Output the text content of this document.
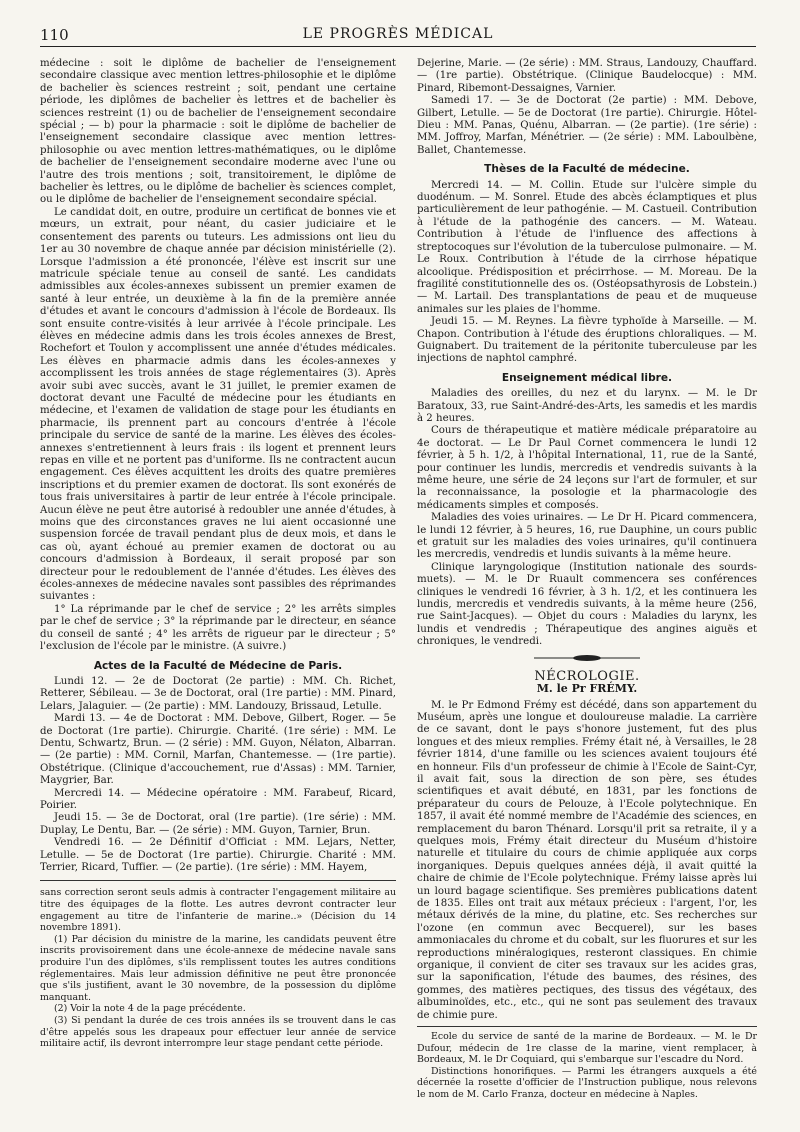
110	LE PROGRÈS MÉDICAL

médecine : soit le diplôme de bachelier de l'enseignement secondaire classique avec mention lettres-philosophie et le diplôme de bachelier ès sciences restreint ; soit, pendant une certaine période, les diplômes de bachelier ès lettres et de bachelier ès sciences restreint (1) ou de bachelier de l'enseignement secondaire spécial ; — b) pour la pharmacie : soit le diplôme de bachelier de l'enseignement secondaire classique avec mention lettres-philosophie ou avec mention lettres-mathématiques, ou le diplôme de bachelier de l'enseignement secondaire moderne avec l'une ou l'autre des trois mentions ; soit, transitoirement, le diplôme de bachelier ès lettres, ou le diplôme de bachelier ès sciences complet, ou le diplôme de bachelier de l'enseignement secondaire spécial.

Le candidat doit, en outre, produire un certificat de bonnes vie et mœurs, un extrait, pour néant, du casier judiciaire et le consentement des parents ou tuteurs. Les admissions ont lieu du 1er au 30 novembre de chaque année par décision ministérielle (2). Lorsque l'admission a été prononcée, l'élève est inscrit sur une matricule spéciale tenue au conseil de santé. Les candidats admissibles aux écoles-annexes subissent un premier examen de santé à leur entrée, un deuxième à la fin de la première année d'études et avant le concours d'admission à l'école de Bordeaux. Ils sont ensuite contre-visités à leur arrivée à l'école principale. Les élèves en médecine admis dans les trois écoles annexes de Brest, Rochefort et Toulon y accomplissent une année d'études médicales. Les élèves en pharmacie admis dans les écoles-annexes y accomplissent les trois années de stage réglementaires (3). Après avoir subi avec succès, avant le 31 juillet, le premier examen de doctorat devant une Faculté de médecine pour les étudiants en médecine, et l'examen de validation de stage pour les étudiants en pharmacie, ils prennent part au concours d'entrée à l'école principale du service de santé de la marine. Les élèves des écoles-annexes s'entretiennent à leurs frais : ils logent et prennent leurs repas en ville et ne portent pas d'uniforme. Ils ne contractent aucun engagement. Ces élèves acquittent les droits des quatre premières inscriptions et du premier examen de doctorat. Ils sont exonérés de tous frais universitaires à partir de leur entrée à l'école principale. Aucun élève ne peut être autorisé à redoubler une année d'études, à moins que des circonstances graves ne lui aient occasionné une suspension forcée de travail pendant plus de deux mois, et dans le cas où, ayant échoué au premier examen de doctorat ou au concours d'admission à Bordeaux, il serait proposé par son directeur pour le redoublement de l'année d'études. Les élèves des écoles-annexes de médecine navales sont passibles des réprimandes suivantes :

1° La réprimande par le chef de service ; 2° les arrêts simples par le chef de service ; 3° la réprimande par le directeur, en séance du conseil de santé ; 4° les arrêts de rigueur par le directeur ; 5° l'exclusion de l'école par le ministre. (A suivre.)

Actes de la Faculté de Médecine de Paris.

Lundi 12. — 2e de Doctorat (2e partie) : MM. Ch. Richet, Retterer, Sébileau. — 3e de Doctorat, oral (1re partie) : MM. Pinard, Lelars, Jalaguier. — (2e partie) : MM. Landouzy, Brissaud, Letulle.

Mardi 13. — 4e de Doctorat : MM. Debove, Gilbert, Roger. — 5e de Doctorat (1re partie). Chirurgie. Charité. (1re série) : MM. Le Dentu, Schwartz, Brun. — (2 série) : MM. Guyon, Nélaton, Albarran. — (2e partie) : MM. Cornil, Marfan, Chantemesse. — (1re partie). Obstétrique. (Clinique d'accouchement, rue d'Assas) : MM. Tarnier, Maygrier, Bar.

Mercredi 14. — Médecine opératoire : MM. Farabeuf, Ricard, Poirier.

Jeudi 15. — 3e de Doctorat, oral (1re partie). (1re série) : MM. Duplay, Le Dentu, Bar. — (2e série) : MM. Guyon, Tarnier, Brun.

Vendredi 16. — 2e Définitif d'Officiat : MM. Lejars, Netter, Letulle. — 5e de Doctorat (1re partie). Chirurgie. Charité : MM. Terrier, Ricard, Tuffier. — (2e partie). (1re série) : MM. Hayem,

sans correction seront seuls admis à contracter l'engagement militaire au titre des équipages de la flotte. Les autres devront contracter leur engagement au titre de l'infanterie de marine..» (Décision du 14 novembre 1891).

(1) Par décision du ministre de la marine, les candidats peuvent être inscrits provisoirement dans une école-annexe de médecine navale sans produire l'un des diplômes, s'ils remplissent toutes les autres conditions réglementaires. Mais leur admission définitive ne peut être prononcée que s'ils justifient, avant le 30 novembre, de la possession du diplôme manquant.

(2) Voir la note 4 de la page précédente.

(3) Si pendant la durée de ces trois années ils se trouvent dans le cas d'être appelés sous les drapeaux pour effectuer leur année de service militaire actif, ils devront interrompre leur stage pendant cette période.

Dejerine, Marie. — (2e série) : MM. Straus, Landouzy, Chauffard. — (1re partie). Obstétrique. (Clinique Baudelocque) : MM. Pinard, Ribemont-Dessaignes, Varnier.

Samedi 17. — 3e de Doctorat (2e partie) : MM. Debove, Gilbert, Letulle. — 5e de Doctorat (1re partie). Chirurgie. Hôtel-Dieu : MM. Panas, Quénu, Albarran. — (2e partie). (1re série) : MM. Joffroy, Marfan, Ménétrier. — (2e série) : MM. Laboulbène, Ballet, Chantemesse.

Thèses de la Faculté de médecine.

Mercredi 14. — M. Collin. Etude sur l'ulcère simple du duodénum. — M. Sonrel. Etude des abcès éclamptiques et plus particulièrement de leur pathogénie. — M. Castueil. Contribution à l'étude de la pathogénie des cancers. — M. Wateau. Contribution à l'étude de l'influence des affections à streptocoques sur l'évolution de la tuberculose pulmonaire. — M. Le Roux. Contribution à l'étude de la cirrhose hépatique alcoolique. Prédisposition et précirrhose. — M. Moreau. De la fragilité constitutionnelle des os. (Ostéopsathyrosis de Lobstein.) — M. Lartail. Des transplantations de peau et de muqueuse animales sur les plaies de l'homme.

Jeudi 15. — M. Reynes. La fièvre typhoïde à Marseille. — M. Chapon. Contribution à l'étude des éruptions chloraliques. — M. Guignabert. Du traitement de la péritonite tuberculeuse par les injections de naphtol camphré.

Enseignement médical libre.

Maladies des oreilles, du nez et du larynx. — M. le Dr Baratoux, 33, rue Saint-André-des-Arts, les samedis et les mardis à 2 heures.

Cours de thérapeutique et matière médicale préparatoire au 4e doctorat. — Le Dr Paul Cornet commencera le lundi 12 février, à 5 h. 1/2, à l'hôpital International, 11, rue de la Santé, pour continuer les lundis, mercredis et vendredis suivants à la même heure, une série de 24 leçons sur l'art de formuler, et sur la reconnaissance, la posologie et la pharmacologie des médicaments simples et composés.

Maladies des voies urinaires. — Le Dr H. Picard commencera, le lundi 12 février, à 5 heures, 16, rue Dauphine, un cours public et gratuit sur les maladies des voies urinaires, qu'il continuera les mercredis, vendredis et lundis suivants à la même heure.

Clinique laryngologique (Institution nationale des sourds-muets). — M. le Dr Ruault commencera ses conférences cliniques le vendredi 16 février, à 3 h. 1/2, et les continuera les lundis, mercredis et vendredis suivants, à la même heure (256, rue Saint-Jacques). — Objet du cours : Maladies du larynx, les lundis et vendredis ; Thérapeutique des angines aiguës et chroniques, le vendredi.

NÉCROLOGIE.
M. le Pr FRÉMY.

M. le Pr Edmond Frémy est décédé, dans son appartement du Muséum, après une longue et douloureuse maladie. La carrière de ce savant, dont le pays s'honore justement, fut des plus longues et des mieux remplies. Frémy était né, à Versailles, le 28 février 1814, d'une famille ou les sciences avaient toujours été en honneur. Fils d'un professeur de chimie à l'Ecole de Saint-Cyr, il avait fait, sous la direction de son père, ses études scientifiques et avait débuté, en 1831, par les fonctions de préparateur du cours de Pelouze, à l'Ecole polytechnique. En 1857, il avait été nommé membre de l'Académie des sciences, en remplacement du baron Thénard. Lorsqu'il prit sa retraite, il y a quelques mois, Frémy était directeur du Muséum d'histoire naturelle et titulaire du cours de chimie appliquée aux corps inorganiques. Depuis quelques années déjà, il avait quitté la chaire de chimie de l'Ecole polytechnique. Frémy laisse après lui un lourd bagage scientifique. Ses premières publications datent de 1835. Elles ont trait aux métaux précieux : l'argent, l'or, les métaux dérivés de la mine, du platine, etc. Ses recherches sur l'ozone (en commun avec Becquerel), sur les bases ammoniacales du chrome et du cobalt, sur les fluorures et sur les reproductions minéralogiques, resteront classiques. En chimie organique, il convient de citer ses travaux sur les acides gras, sur la saponification, l'étude des baumes, des résines, des gommes, des matières pectiques, des tissus des végétaux, des albuminoïdes, etc., etc., qui ne sont pas seulement des travaux de chimie pure.

Ecole du service de santé de la marine de Bordeaux. — M. le Dr Dufour, médecin de 1re classe de la marine, vient remplacer, à Bordeaux, M. le Dr Coquiard, qui s'embarque sur l'escadre du Nord.

Distinctions honorifiques. — Parmi les étrangers auxquels a été décernée la rosette d'officier de l'Instruction publique, nous relevons le nom de M. Carlo Franza, docteur en médecine à Naples.
